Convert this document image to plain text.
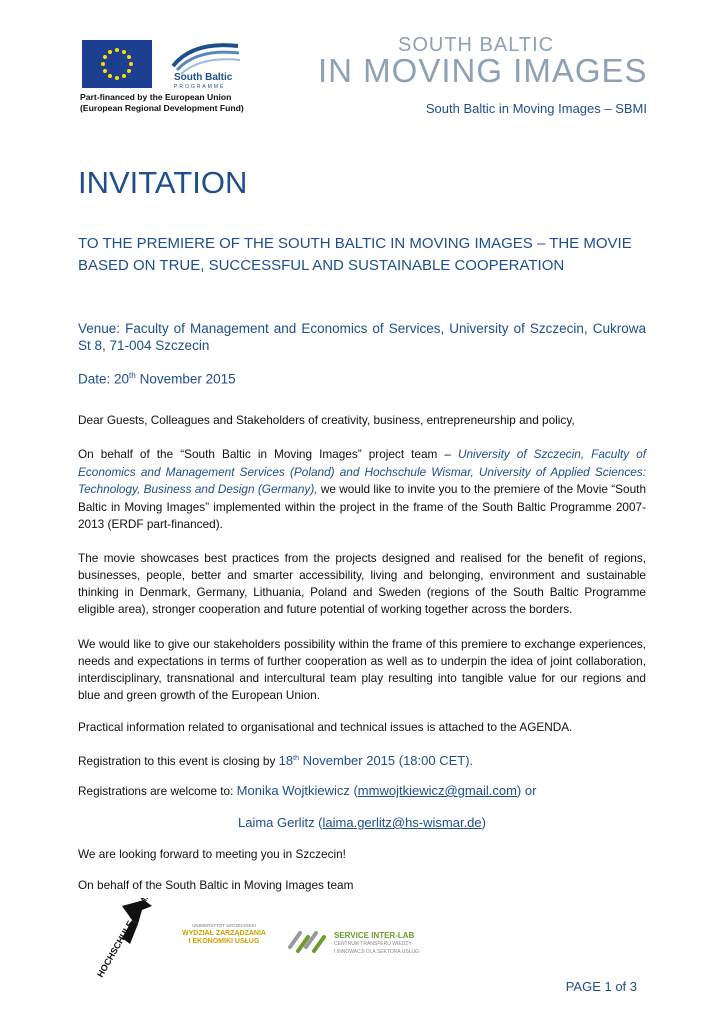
South Baltic
PROGRAMME
Part-financed by the European Union
(European Regional Development Fund)
SOUTH BALTIC
IN MOVING IMAGES
South Baltic in Moving Images – SBMI
INVITATION
TO THE PREMIERE OF THE SOUTH BALTIC IN MOVING IMAGES – THE MOVIE BASED ON TRUE, SUCCESSFUL AND SUSTAINABLE COOPERATION
Venue: Faculty of Management and Economics of Services, University of Szczecin, Cukrowa St 8, 71-004 Szczecin
Date: 20th November 2015
Dear Guests, Colleagues and Stakeholders of creativity, business, entrepreneurship and policy,
On behalf of the “South Baltic in Moving Images” project team – University of Szczecin, Faculty of Economics and Management Services (Poland) and Hochschule Wismar, University of Applied Sciences: Technology, Business and Design (Germany), we would like to invite you to the premiere of the Movie “South Baltic in Moving Images” implemented within the project in the frame of the South Baltic Programme 2007-2013 (ERDF part-financed).
The movie showcases best practices from the projects designed and realised for the benefit of regions, businesses, people, better and smarter accessibility, living and belonging, environment and sustainable thinking in Denmark, Germany, Lithuania, Poland and Sweden (regions of the South Baltic Programme eligible area), stronger cooperation and future potential of working together across the borders.
We would like to give our stakeholders possibility within the frame of this premiere to exchange experiences, needs and expectations in terms of further cooperation as well as to underpin the idea of joint collaboration, interdisciplinary, transnational and intercultural team play resulting into tangible value for our regions and blue and green growth of the European Union.
Practical information related to organisational and technical issues is attached to the AGENDA.
Registration to this event is closing by 18th November 2015 (18:00 CET).
Registrations are welcome to: Monika Wojtkiewicz (mmwojtkiewicz@gmail.com) or
Laima Gerlitz (laima.gerlitz@hs-wismar.de)
We are looking forward to meeting you in Szczecin!
On behalf of the South Baltic in Moving Images team
HOCHSCHULE WISMAR	UNIWERSYTET SZCZECIŃSKI
WYDZIAŁ ZARZĄDZANIA
I EKONOMIKI USŁUG
SERVICE INTER-LAB
CENTRUM TRANSFERU WIEDZY
I INNOWACJI DLA SEKTORA USŁUG
PAGE 1 of 3
